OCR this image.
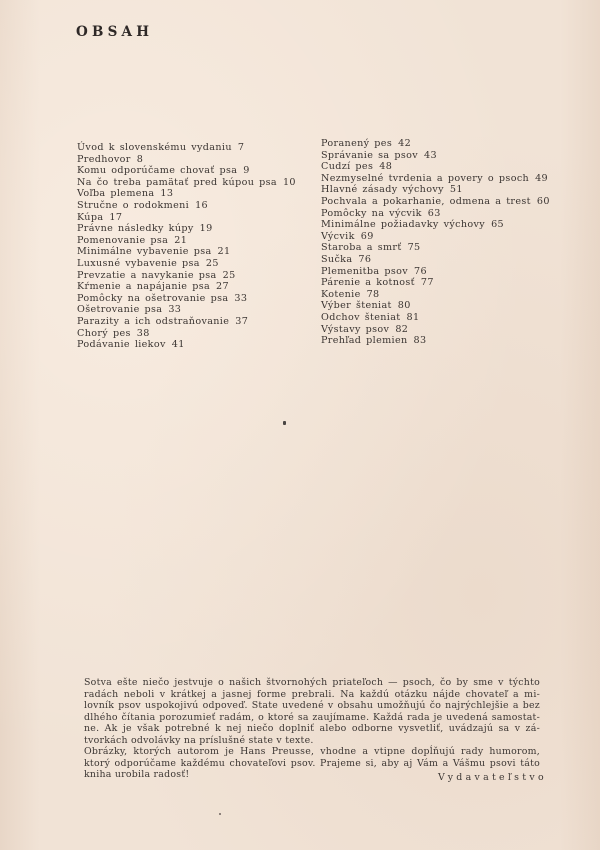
OBSAH
Úvod k slovenskému vydaniu 7
Predhovor 8
Komu odporúčame chovať psa 9
Na čo treba pamätať pred kúpou psa 10
Voľba plemena 13
Stručne o rodokmeni 16
Kúpa 17
Právne následky kúpy 19
Pomenovanie psa 21
Minimálne vybavenie psa 21
Luxusné vybavenie psa 25
Prevzatie a navykanie psa 25
Kŕmenie a napájanie psa 27
Pomôcky na ošetrovanie psa 33
Ošetrovanie psa 33
Parazity a ich odstraňovanie 37
Chorý pes 38
Podávanie liekov 41
Poranený pes 42
Správanie sa psov 43
Cudzí pes 48
Nezmyselné tvrdenia a povery o psoch 49
Hlavné zásady výchovy 51
Pochvala a pokarhanie, odmena a trest 60
Pomôcky na výcvik 63
Minimálne požiadavky výchovy 65
Výcvik 69
Staroba a smrť 75
Sučka 76
Plemenitba psov 76
Párenie a kotnosť 77
Kotenie 78
Výber šteniat 80
Odchov šteniat 81
Výstavy psov 82
Prehľad plemien 83
Sotva ešte niečo jestvuje o našich štvornohých priateľoch — psoch, čo by sme v týchto
radách neboli v krátkej a jasnej forme prebrali. Na každú otázku nájde chovateľ a mi-
lovník psov uspokojivú odpoveď. State uvedené v obsahu umožňujú čo najrýchlejšie a bez
dlhého čítania porozumieť radám, o ktoré sa zaujímame. Každá rada je uvedená samostat-
ne. Ak je však potrebné k nej niečo doplniť alebo odborne vysvetliť, uvádzajú sa v zá-
tvorkách odvolávky na príslušné state v texte.
Obrázky, ktorých autorom je Hans Preusse, vhodne a vtipne dopĺňujú rady humorom,
ktorý odporúčame každému chovateľovi psov. Prajeme si, aby aj Vám a Vášmu psovi táto
kniha urobila radosť!	Vydavateľstvo
